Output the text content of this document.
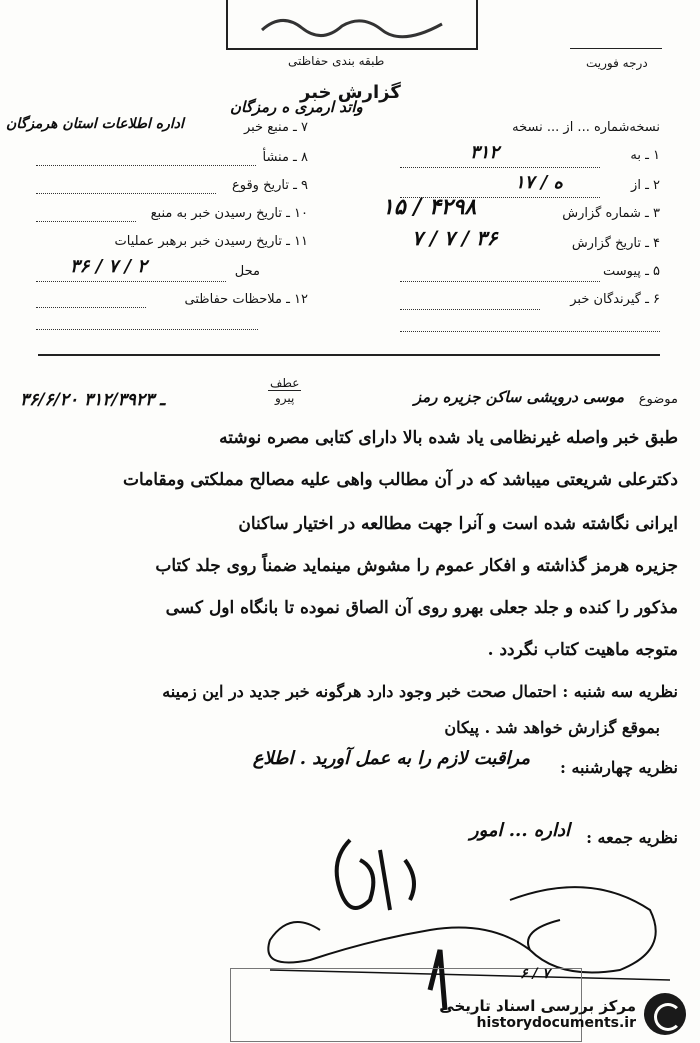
طبقه بندی حفاظتی	درجه فوریت
گزارش خبر
واتد ارمری ه رمزگان
نسخه‌شماره ... از ... نسخه
۱ ـ به
۳۱۲
۲ ـ از
۱۷ / ه
۳ ـ شماره گزارش
۱۵ / ۴۲۹۸
۴ ـ تاریخ گزارش
۷ / ۷ / ۳۶
۵ ـ پیوست
۶ ـ گیرندگان خبر
۷ ـ منبع خبر
اداره اطلاعات استان هرمزگان
۸ ـ منشأ
۹ ـ تاریخ وقوع
۱۰ ـ تاریخ رسیدن خبر به منبع
۱۱ ـ تاریخ رسیدن خبر برهبر عملیات
محل
۳۶ / ۷ / ۲
۱۲ ـ ملاحظات حفاظتی
موضوع
موسی درویشی ساکن جزیره رمز
عطف
پیرو
۳۶/۶/۲۰ ـ ۳۱۲/۳۹۲۳
طبق خبر واصله غیرنظامی یاد شده بالا دارای کتابی مصره نوشته
دکترعلی شریعتی میباشد که در آن مطالب واهی علیه مصالح مملکتی ومقامات
ایرانی نگاشته شده است و آنرا جهت مطالعه در اختیار ساکنان
جزیره هرمز گذاشته و افکار عموم را مشوش مینماید ضمناً روی جلد کتاب
مذکور را کنده و جلد جعلی بهرو روی آن الصاق نموده تا بانگاه اول کسی
متوجه ماهیت کتاب نگردد .
نظریه سه شنبه : احتمال صحت خبر وجود دارد هرگونه خبر جدید در این زمینه
بموقع گزارش خواهد شد . پیکان
نظریه چهارشنبه :
مراقبت لازم را به عمل آورید . اطلاع
نظریه جمعه :
اداره ... امور
۶ / ۷
مرکز بررسی اسناد تاریخی
historydocuments.ir
